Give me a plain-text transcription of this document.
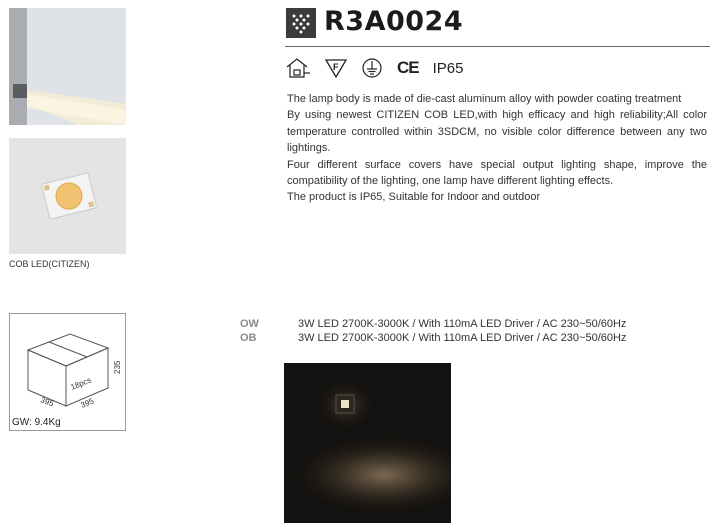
COB LED(CITIZEN)
235
18pcs
395	395
GW: 9.4Kg
R3A0024
F	CE IP65

The lamp body is made of die-cast aluminum alloy with powder coating treatment

By using newest CITIZEN COB LED,with high efficacy and high reliability;All color temperature controlled within 3SDCM, no visible color difference between any two lightings.

Four different surface covers have special output lighting shape, improve the compatibility of the lighting, one lamp have different lighting effects.

The product is IP65, Suitable for Indoor and outdoor

OW	3W LED 2700K-3000K / With 110mA LED Driver / AC 230~50/60Hz
OB	3W LED 2700K-3000K / With 110mA LED Driver / AC 230~50/60Hz
